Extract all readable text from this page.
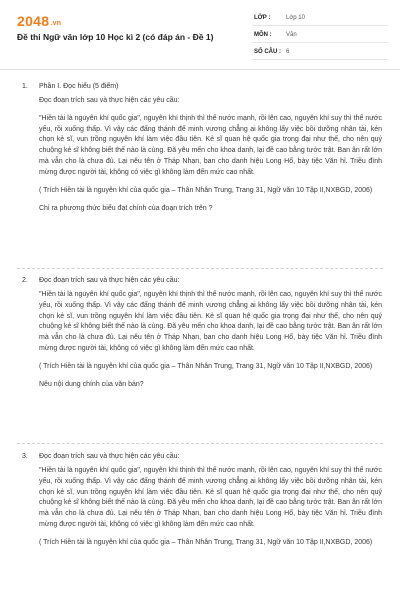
2048.vn
Đề thi Ngữ văn lớp 10 Học kì 2 (có đáp án - Đề 1)
LỚP :	Lớp 10
MÔN :	Văn
SỐ CÂU : 6
1.	Phần I. Đọc hiểu (5 điểm)

Đọc đoạn trích sau và thực hiện các yêu cầu:

"Hiền tài là nguyên khí quốc gia", nguyên khí thịnh thì thế nước mạnh, rồi lên cao, nguyên khí suy thì thế nước yếu, rồi xuống thấp. Vì vậy các đấng thánh đế minh vương chẳng ai không lấy việc bồi dưỡng nhân tài, kén chọn kẻ sĩ, vun trồng nguyên khí làm việc đầu tiên. Kẻ sĩ quan hệ quốc gia trọng đại như thế, cho nên quý chuộng kẻ sĩ không biết thế nào là cùng. Đã yêu mến cho khoa danh, lại đề cao bằng tước trật. Ban ân rất lớn mà vẫn cho là chưa đủ. Lại nêu tên ở Tháp Nhạn, ban cho danh hiệu Long Hổ, bày tiệc Văn hỉ. Triều đình mừng được người tài, không có việc gì không làm đến mức cao nhất.

( Trích Hiền tài là nguyên khí của quốc gia – Thân Nhân Trung, Trang 31, Ngữ văn 10 Tập II,NXBGD, 2006)

Chỉ ra phương thức biểu đạt chính của đoạn trích trên ?

2.	Đọc đoạn trích sau và thực hiện các yêu cầu:

"Hiền tài là nguyên khí quốc gia", nguyên khí thịnh thì thế nước mạnh, rồi lên cao, nguyên khí suy thì thế nước yếu, rồi xuống thấp. Vì vậy các đấng thánh đế minh vương chẳng ai không lấy việc bồi dưỡng nhân tài, kén chọn kẻ sĩ, vun trồng nguyên khí làm việc đầu tiên. Kẻ sĩ quan hệ quốc gia trọng đại như thế, cho nên quý chuộng kẻ sĩ không biết thế nào là cùng. Đã yêu mến cho khoa danh, lại đề cao bằng tước trật. Ban ân rất lớn mà vẫn cho là chưa đủ. Lại nêu tên ở Tháp Nhạn, ban cho danh hiệu Long Hổ, bày tiệc Văn hỉ. Triều đình mừng được người tài, không có việc gì không làm đến mức cao nhất.

( Trích Hiền tài là nguyên khí của quốc gia – Thân Nhân Trung, Trang 31, Ngữ văn 10 Tập II,NXBGD, 2006)

Nêu nội dung chính của văn bản?

3.	Đọc đoạn trích sau và thực hiện các yêu cầu:

"Hiền tài là nguyên khí quốc gia", nguyên khí thịnh thì thế nước mạnh, rồi lên cao, nguyên khí suy thì thế nước yếu, rồi xuống thấp. Vì vậy các đấng thánh đế minh vương chẳng ai không lấy việc bồi dưỡng nhân tài, kén chọn kẻ sĩ, vun trồng nguyên khí làm việc đầu tiên. Kẻ sĩ quan hệ quốc gia trọng đại như thế, cho nên quý chuộng kẻ sĩ không biết thế nào là cùng. Đã yêu mến cho khoa danh, lại đề cao bằng tước trật. Ban ân rất lớn mà vẫn cho là chưa đủ. Lại nêu tên ở Tháp Nhạn, ban cho danh hiệu Long Hổ, bày tiệc Văn hỉ. Triều đình mừng được người tài, không có việc gì không làm đến mức cao nhất.

( Trích Hiền tài là nguyên khí của quốc gia – Thân Nhân Trung, Trang 31, Ngữ văn 10 Tập II,NXBGD, 2006)
